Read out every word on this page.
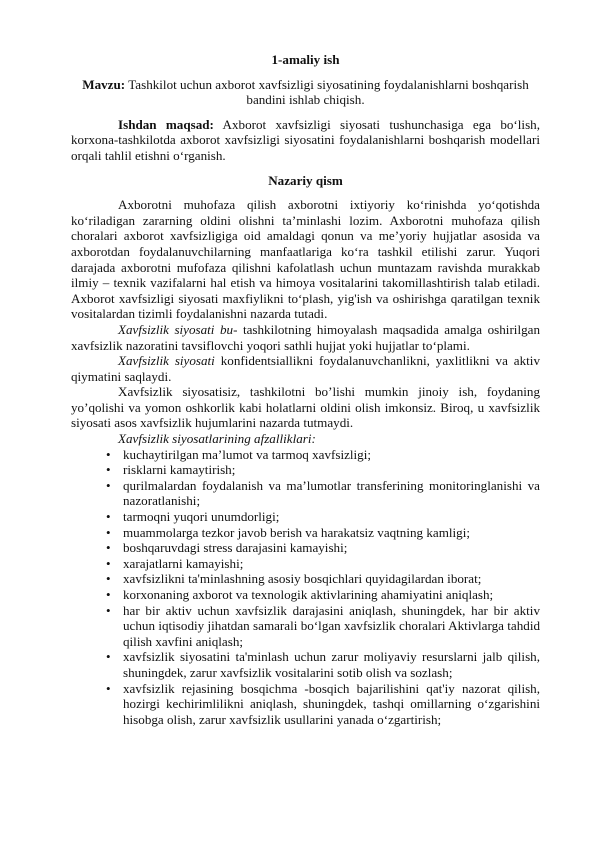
1-amaliy ish

Mavzu: Tashkilot uchun axborot xavfsizligi siyosatining foydalanishlarni boshqarish bandini ishlab chiqish.

Ishdan maqsad: Axborot xavfsizligi siyosati tushunchasiga ega boʻlish, korxona-tashkilotda axborot xavfsizligi siyosatini foydalanishlarni boshqarish modellari orqali tahlil etishni oʻrganish.

Nazariy qism

Axborotni muhofaza qilish axborotni ixtiyoriy koʻrinishda yoʻqotishda koʻriladigan zararning oldini olishni ta’minlashi lozim. Axborotni muhofaza qilish choralari axborot xavfsizligiga oid amaldagi qonun va me’yoriy hujjatlar asosida va axborotdan foydalanuvchilarning manfaatlariga koʻra tashkil etilishi zarur. Yuqori darajada axborotni mufofaza qilishni kafolatlash uchun muntazam ravishda murakkab ilmiy – texnik vazifalarni hal etish va himoya vositalarini takomillashtirish talab etiladi. Axborot xavfsizligi siyosati maxfiylikni toʻplash, yig'ish va oshirishga qaratilgan texnik vositalardan tizimli foydalanishni nazarda tutadi.

Xavfsizlik siyosati bu- tashkilotning himoyalash maqsadida amalga oshirilgan xavfsizlik nazoratini tavsiflovchi yoqori sathli hujjat yoki hujjatlar toʻplami.

Xavfsizlik siyosati konfidentsiallikni foydalanuvchanlikni, yaxlitlikni va aktiv qiymatini saqlaydi.

Xavfsizlik siyosatisiz, tashkilotni bo’lishi mumkin jinoiy ish, foydaning yo’qolishi va yomon oshkorlik kabi holatlarni oldini olish imkonsiz. Biroq, u xavfsizlik siyosati asos xavfsizlik hujumlarini nazarda tutmaydi.

Xavfsizlik siyosatlarining afzalliklari:

• kuchaytirilgan ma’lumot va tarmoq xavfsizligi;
• risklarni kamaytirish;
• qurilmalardan foydalanish va ma’lumotlar transferining monitoringlanishi va nazoratlanishi;
• tarmoqni yuqori unumdorligi;
• muammolarga tezkor javob berish va harakatsiz vaqtning kamligi;
• boshqaruvdagi stress darajasini kamayishi;
• xarajatlarni kamayishi;
• xavfsizlikni ta'minlashning asosiy bosqichlari quyidagilardan iborat;
• korxonaning axborot va texnologik aktivlarining ahamiyatini aniqlash;
• har bir aktiv uchun xavfsizlik darajasini aniqlash, shuningdek, har bir aktiv uchun iqtisodiy jihatdan samarali boʻlgan xavfsizlik choralari Aktivlarga tahdid qilish xavfini aniqlash;
• xavfsizlik siyosatini ta'minlash uchun zarur moliyaviy resurslarni jalb qilish, shuningdek, zarur xavfsizlik vositalarini sotib olish va sozlash;
• xavfsizlik rejasining bosqichma -bosqich bajarilishini qat'iy nazorat qilish, hozirgi kechirimlilikni aniqlash, shuningdek, tashqi omillarning oʻzgarishini hisobga olish, zarur xavfsizlik usullarini yanada oʻzgartirish;
